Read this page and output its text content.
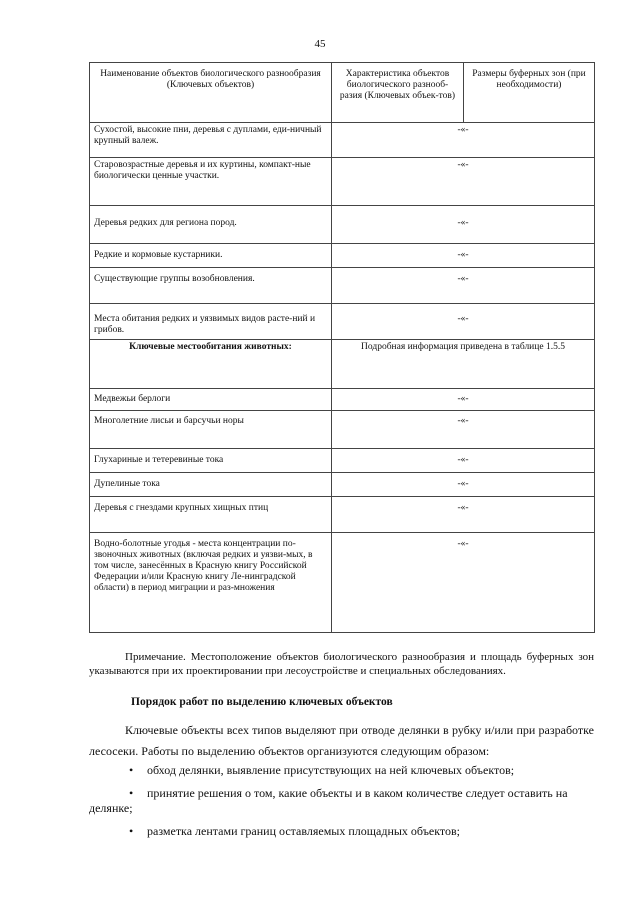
45
Наименование объектов биологического разнообразия (Ключевых объектов)	Характеристика объектов биологического разнооб-разия (Ключевых объек-тов)	Размеры буферных зон (при необходимости)
Сухостой, высокие пни, деревья с дуплами, еди-ничный крупный валеж.	-«-	
Старовозрастные деревья и их куртины, компакт-ные биологически ценные участки.	-«-	
Деревья редких для региона пород.	-«-	
Редкие и кормовые кустарники.	-«-	
Существующие группы возобновления.	-«-	
Места обитания редких и уязвимых видов расте-ний и грибов.	-«-	
Ключевые местообитания животных:	Подробная информация приведена в таблице 1.5.5	
Медвежьи берлоги	-«-	
Многолетние лисьи и барсучьи норы	-«-	
Глухариные и тетеревиные тока	-«-	
Дупелиные тока	-«-	
Деревья с гнездами крупных хищных птиц	-«-	
Водно-болотные угодья - места концентрации по-звоночных животных (включая редких и уязви-мых, в том числе, занесённых в Красную книгу Российской Федерации и/или Красную книгу Ле-нинградской области) в период миграции и раз-множения	-«-	
Примечание. Местоположение объектов биологического разнообразия и площадь буферных зон указываются при их проектировании при лесоустройстве и специальных обследованиях.
Порядок работ по выделению ключевых объектов
Ключевые объекты всех типов выделяют при отводе делянки в рубку и/или при разработке лесосеки. Работы по выделению объектов организуются следующим образом:
• обход делянки, выявление присутствующих на ней ключевых объектов;
• принятие решения о том, какие объекты и в каком количестве следует оставить на делянке;
• разметка лентами границ оставляемых площадных объектов;
